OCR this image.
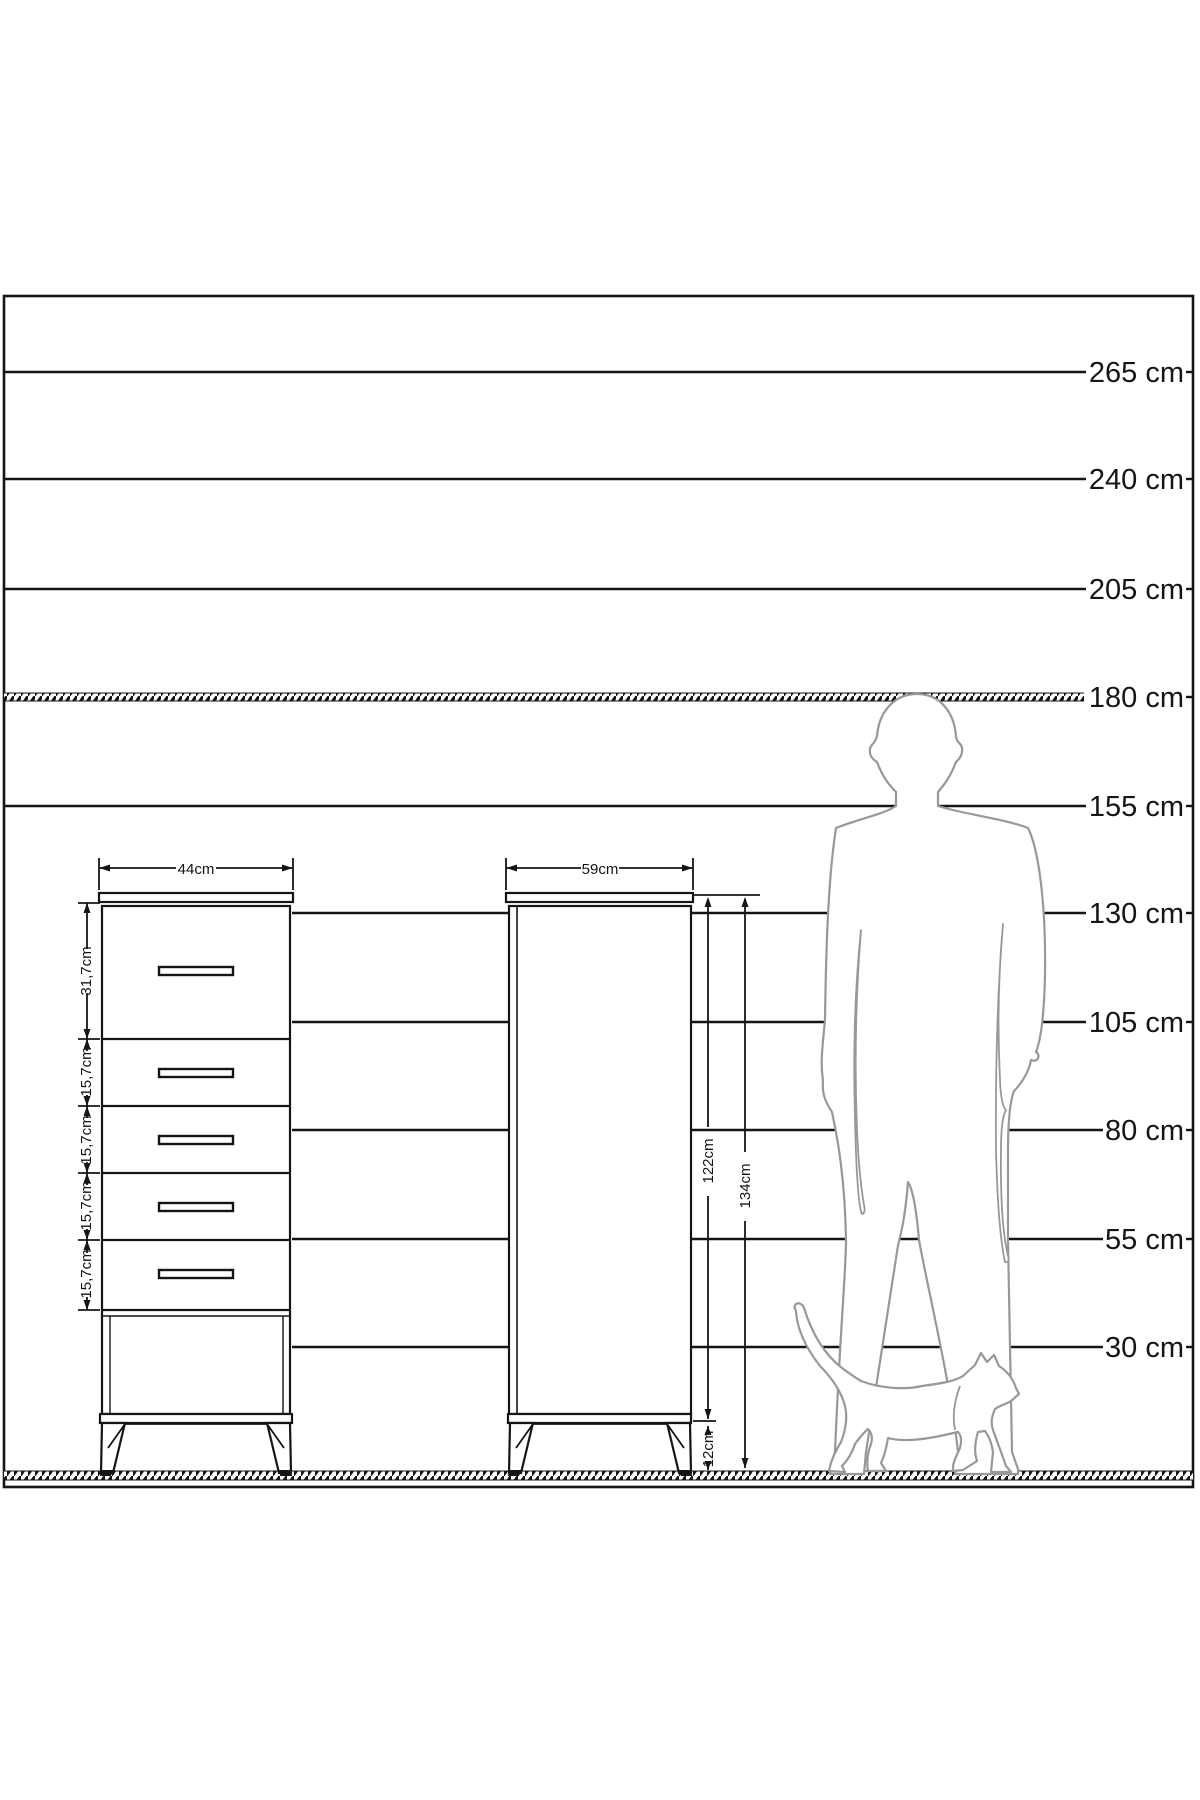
265 cm
240 cm
205 cm
180 cm
155 cm
130 cm
105 cm
80 cm
55 cm
30 cm
44cm	59cm
31,7cm
15,7cm
15,7cm
15,7cm
15,7cm
122cm
134cm
12cm
